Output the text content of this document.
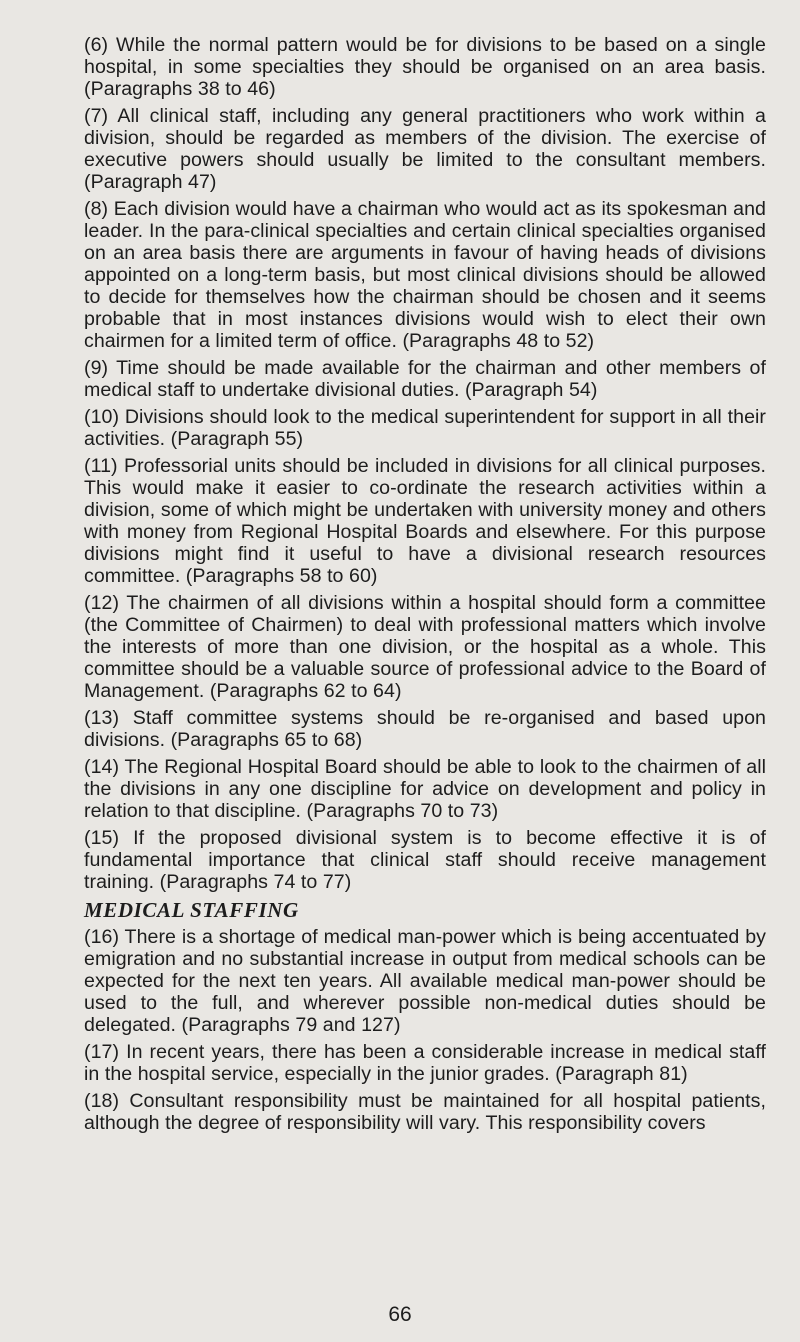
(6) While the normal pattern would be for divisions to be based on a single hospital, in some specialties they should be organised on an area basis. (Paragraphs 38 to 46)

(7) All clinical staff, including any general practitioners who work within a division, should be regarded as members of the division. The exercise of executive powers should usually be limited to the consultant members. (Paragraph 47)

(8) Each division would have a chairman who would act as its spokesman and leader. In the para-clinical specialties and certain clinical specialties organised on an area basis there are arguments in favour of having heads of divisions appointed on a long-term basis, but most clinical divisions should be allowed to decide for themselves how the chairman should be chosen and it seems probable that in most instances divisions would wish to elect their own chairmen for a limited term of office. (Paragraphs 48 to 52)

(9) Time should be made available for the chairman and other members of medical staff to undertake divisional duties. (Paragraph 54)

(10) Divisions should look to the medical superintendent for support in all their activities. (Paragraph 55)

(11) Professorial units should be included in divisions for all clinical purposes. This would make it easier to co-ordinate the research activities within a division, some of which might be undertaken with university money and others with money from Regional Hospital Boards and elsewhere. For this purpose divisions might find it useful to have a divisional research resources committee. (Paragraphs 58 to 60)

(12) The chairmen of all divisions within a hospital should form a committee (the Committee of Chairmen) to deal with professional matters which involve the interests of more than one division, or the hospital as a whole. This committee should be a valuable source of professional advice to the Board of Management. (Paragraphs 62 to 64)

(13) Staff committee systems should be re-organised and based upon divisions. (Paragraphs 65 to 68)

(14) The Regional Hospital Board should be able to look to the chairmen of all the divisions in any one discipline for advice on development and policy in relation to that discipline. (Paragraphs 70 to 73)

(15) If the proposed divisional system is to become effective it is of fundamental importance that clinical staff should receive management training. (Paragraphs 74 to 77)

MEDICAL STAFFING

(16) There is a shortage of medical man-power which is being accentuated by emigration and no substantial increase in output from medical schools can be expected for the next ten years. All available medical man-power should be used to the full, and wherever possible non-medical duties should be delegated. (Paragraphs 79 and 127)

(17) In recent years, there has been a considerable increase in medical staff in the hospital service, especially in the junior grades. (Paragraph 81)

(18) Consultant responsibility must be maintained for all hospital patients, although the degree of responsibility will vary. This responsibility covers

66
